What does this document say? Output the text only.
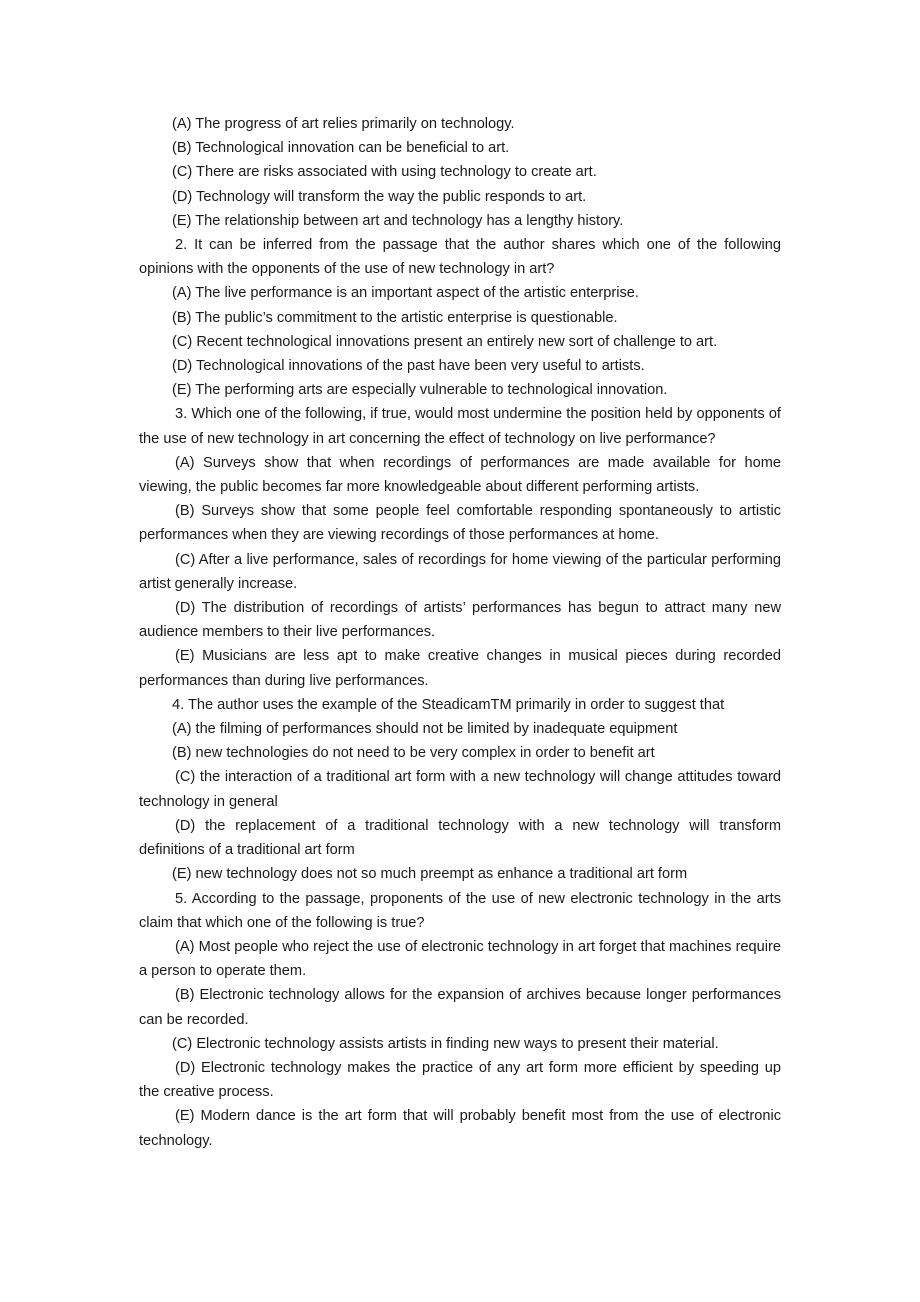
(A) The progress of art relies primarily on technology.

(B) Technological innovation can be beneficial to art.

(C) There are risks associated with using technology to create art.

(D) Technology will transform the way the public responds to art.

(E) The relationship between art and technology has a lengthy history.

2. It can be inferred from the passage that the author shares which one of the following opinions with the opponents of the use of new technology in art?

(A) The live performance is an important aspect of the artistic enterprise.

(B) The public’s commitment to the artistic enterprise is questionable.

(C) Recent technological innovations present an entirely new sort of challenge to art.

(D) Technological innovations of the past have been very useful to artists.

(E) The performing arts are especially vulnerable to technological innovation.

3. Which one of the following, if true, would most undermine the position held by opponents of the use of new technology in art concerning the effect of technology on live performance?

(A) Surveys show that when recordings of performances are made available for home viewing, the public becomes far more knowledgeable about different performing artists.

(B) Surveys show that some people feel comfortable responding spontaneously to artistic performances when they are viewing recordings of those performances at home.

(C) After a live performance, sales of recordings for home viewing of the particular performing artist generally increase.

(D) The distribution of recordings of artists’ performances has begun to attract many new audience members to their live performances.

(E) Musicians are less apt to make creative changes in musical pieces during recorded performances than during live performances.

4. The author uses the example of the SteadicamTM primarily in order to suggest that

(A) the filming of performances should not be limited by inadequate equipment

(B) new technologies do not need to be very complex in order to benefit art

(C) the interaction of a traditional art form with a new technology will change attitudes toward technology in general

(D) the replacement of a traditional technology with a new technology will transform definitions of a traditional art form

(E) new technology does not so much preempt as enhance a traditional art form

5. According to the passage, proponents of the use of new electronic technology in the arts claim that which one of the following is true?

(A) Most people who reject the use of electronic technology in art forget that machines require a person to operate them.

(B) Electronic technology allows for the expansion of archives because longer performances can be recorded.

(C) Electronic technology assists artists in finding new ways to present their material.

(D) Electronic technology makes the practice of any art form more efficient by speeding up the creative process.

(E) Modern dance is the art form that will probably benefit most from the use of electronic technology.
